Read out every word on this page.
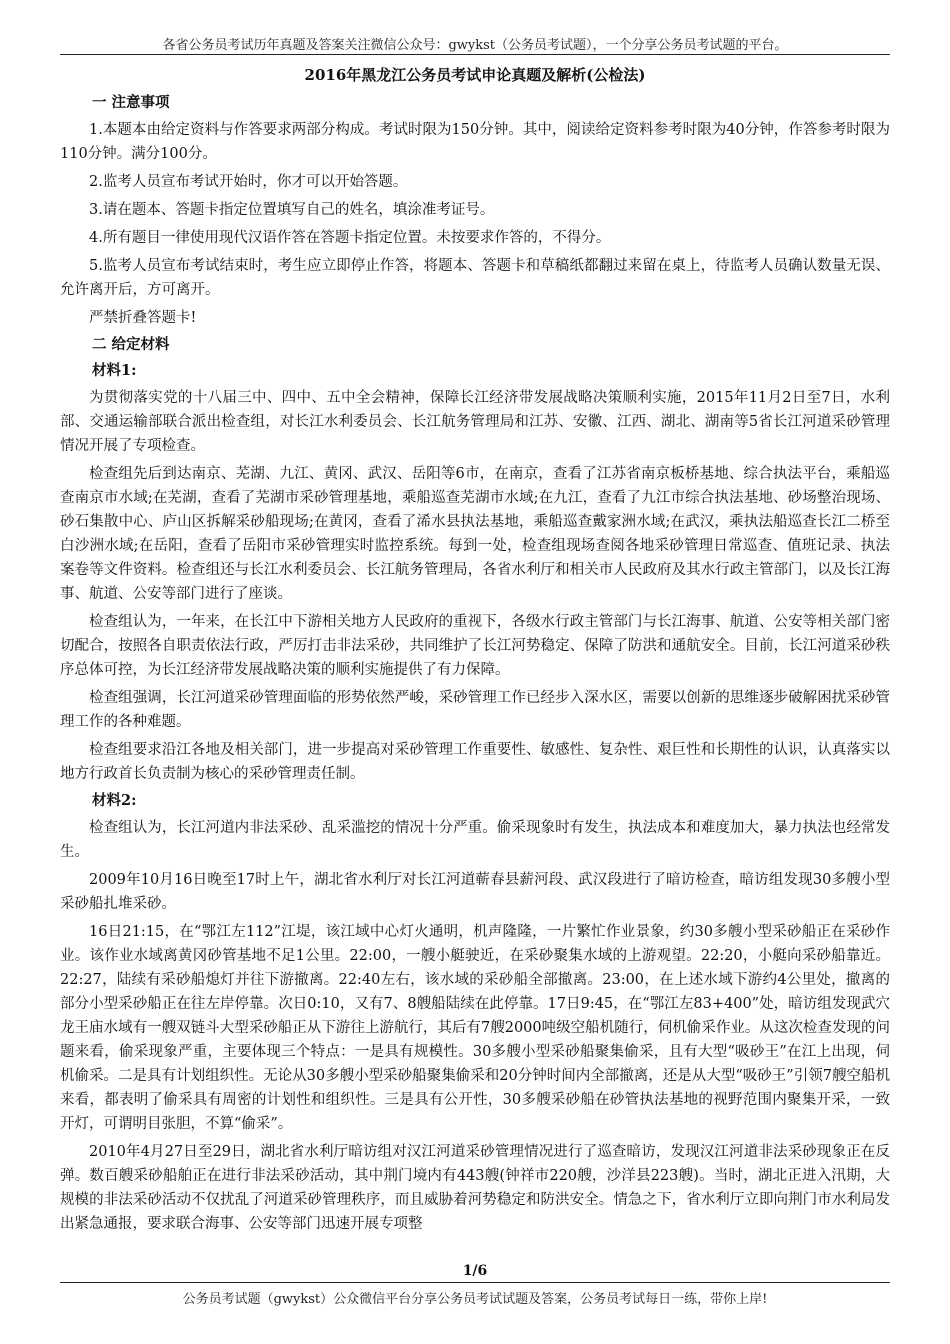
各省公务员考试历年真题及答案关注微信公众号：gwykst（公务员考试题），一个分享公务员考试题的平台。
2016年黑龙江公务员考试申论真题及解析(公检法)
一 注意事项
1.本题本由给定资料与作答要求两部分构成。考试时限为150分钟。其中，阅读给定资料参考时限为40分钟，作答参考时限为110分钟。满分100分。
2.监考人员宣布考试开始时，你才可以开始答题。
3.请在题本、答题卡指定位置填写自己的姓名，填涂准考证号。
4.所有题目一律使用现代汉语作答在答题卡指定位置。未按要求作答的，不得分。
5.监考人员宣布考试结束时，考生应立即停止作答，将题本、答题卡和草稿纸都翻过来留在桌上，待监考人员确认数量无误、允许离开后，方可离开。
严禁折叠答题卡!
二 给定材料
材料1:
为贯彻落实党的十八届三中、四中、五中全会精神，保障长江经济带发展战略决策顺利实施，2015年11月2日至7日，水利部、交通运输部联合派出检查组，对长江水利委员会、长江航务管理局和江苏、安徽、江西、湖北、湖南等5省长江河道采砂管理情况开展了专项检查。
检查组先后到达南京、芜湖、九江、黄冈、武汉、岳阳等6市，在南京，查看了江苏省南京板桥基地、综合执法平台，乘船巡查南京市水域;在芜湖，查看了芜湖市采砂管理基地，乘船巡查芜湖市水域;在九江，查看了九江市综合执法基地、砂场整治现场、砂石集散中心、庐山区拆解采砂船现场;在黄冈，查看了浠水县执法基地，乘船巡查戴家洲水域;在武汉，乘执法船巡查长江二桥至白沙洲水域;在岳阳，查看了岳阳市采砂管理实时监控系统。每到一处，检查组现场查阅各地采砂管理日常巡查、值班记录、执法案卷等文件资料。检查组还与长江水利委员会、长江航务管理局，各省水利厅和相关市人民政府及其水行政主管部门，以及长江海事、航道、公安等部门进行了座谈。
检查组认为，一年来，在长江中下游相关地方人民政府的重视下，各级水行政主管部门与长江海事、航道、公安等相关部门密切配合，按照各自职责依法行政，严厉打击非法采砂，共同维护了长江河势稳定、保障了防洪和通航安全。目前，长江河道采砂秩序总体可控，为长江经济带发展战略决策的顺利实施提供了有力保障。
检查组强调，长江河道采砂管理面临的形势依然严峻，采砂管理工作已经步入深水区，需要以创新的思维逐步破解困扰采砂管理工作的各种难题。
检查组要求沿江各地及相关部门，进一步提高对采砂管理工作重要性、敏感性、复杂性、艰巨性和长期性的认识，认真落实以地方行政首长负责制为核心的采砂管理责任制。
材料2:
检查组认为，长江河道内非法采砂、乱采滥挖的情况十分严重。偷采现象时有发生，执法成本和难度加大，暴力执法也经常发生。
2009年10月16日晚至17时上午，湖北省水利厅对长江河道蕲春县薪河段、武汉段进行了暗访检查，暗访组发现30多艘小型采砂船扎堆采砂。
16日21:15，在“鄂江左112”江堤，该江域中心灯火通明，机声隆隆，一片繁忙作业景象，约30多艘小型采砂船正在采砂作业。该作业水域离黄冈砂管基地不足1公里。22:00，一艘小艇驶近，在采砂聚集水域的上游观望。22:20，小艇向采砂船靠近。22:27，陆续有采砂船熄灯并往下游撤离。22:40左右，该水域的采砂船全部撤离。23:00，在上述水域下游约4公里处，撤离的部分小型采砂船正在往左岸停靠。次日0:10，又有7、8艘船陆续在此停靠。17日9:45，在“鄂江左83+400”处，暗访组发现武穴龙王庙水域有一艘双链斗大型采砂船正从下游往上游航行，其后有7艘2000吨级空船机随行，伺机偷采作业。从这次检查发现的问题来看，偷采现象严重，主要体现三个特点：一是具有规模性。30多艘小型采砂船聚集偷采，且有大型“吸砂王”在江上出现，伺机偷采。二是具有计划组织性。无论从30多艘小型采砂船聚集偷采和20分钟时间内全部撤离，还是从大型“吸砂王”引领7艘空船机来看，都表明了偷采具有周密的计划性和组织性。三是具有公开性，30多艘采砂船在砂管执法基地的视野范围内聚集开采，一致开灯，可谓明目张胆，不算“偷采”。
2010年4月27日至29日，湖北省水利厅暗访组对汉江河道采砂管理情况进行了巡查暗访，发现汉江河道非法采砂现象正在反弹。数百艘采砂船舶正在进行非法采砂活动，其中荆门境内有443艘(钟祥市220艘，沙洋县223艘)。当时，湖北正进入汛期，大规模的非法采砂活动不仅扰乱了河道采砂管理秩序，而且威胁着河势稳定和防洪安全。情急之下，省水利厅立即向荆门市水利局发出紧急通报，要求联合海事、公安等部门迅速开展专项整
1/6
公务员考试题（gwykst）公众微信平台分享公务员考试试题及答案，公务员考试每日一练，带你上岸!
